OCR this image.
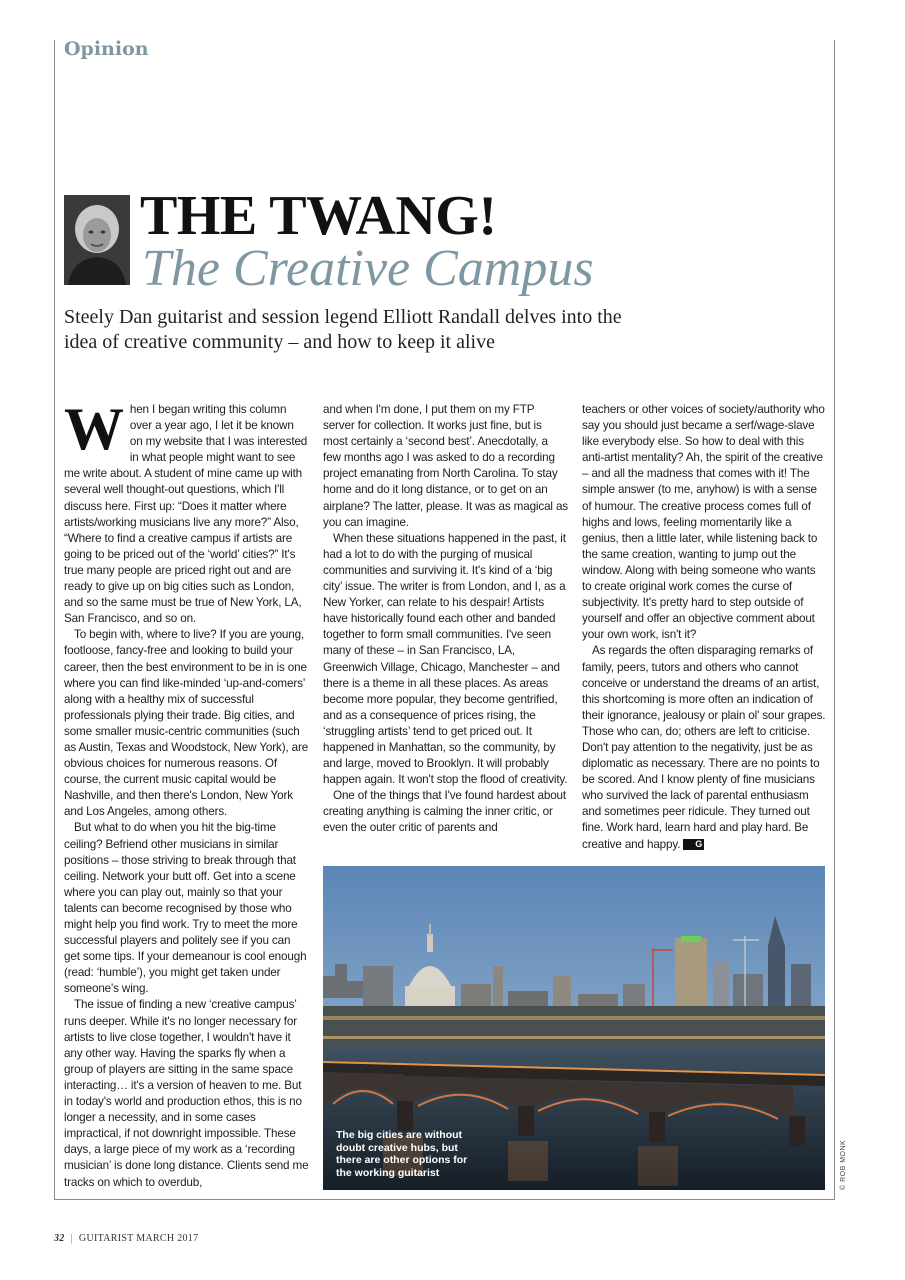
Opinion
THE TWANG!
The Creative Campus
Steely Dan guitarist and session legend Elliott Randall delves into the idea of creative community – and how to keep it alive

When I began writing this column over a year ago, I let it be known on my website that I was interested in what people might want to see me write about. A student of mine came up with several well thought-out questions, which I'll discuss here. First up: “Does it matter where artists/working musicians live any more?” Also, “Where to find a creative campus if artists are going to be priced out of the ‘world’ cities?” It's true many people are priced right out and are ready to give up on big cities such as London, and so the same must be true of New York, LA, San Francisco, and so on.

To begin with, where to live? If you are young, footloose, fancy-free and looking to build your career, then the best environment to be in is one where you can find like-minded ‘up-and-comers’ along with a healthy mix of successful professionals plying their trade. Big cities, and some smaller music-centric communities (such as Austin, Texas and Woodstock, New York), are obvious choices for numerous reasons. Of course, the current music capital would be Nashville, and then there's London, New York and Los Angeles, among others.

But what to do when you hit the big-time ceiling? Befriend other musicians in similar positions – those striving to break through that ceiling. Network your butt off. Get into a scene where you can play out, mainly so that your talents can become recognised by those who might help you find work. Try to meet the more successful players and politely see if you can get some tips. If your demeanour is cool enough (read: ‘humble’), you might get taken under someone's wing.

The issue of finding a new ‘creative campus’ runs deeper. While it's no longer necessary for artists to live close together, I wouldn't have it any other way. Having the sparks fly when a group of players are sitting in the same space interacting… it's a version of heaven to me. But in today's world and production ethos, this is no longer a necessity, and in some cases impractical, if not downright impossible. These days, a large piece of my work as a ‘recording musician’ is done long distance. Clients send me tracks on which to overdub,

and when I'm done, I put them on my FTP server for collection. It works just fine, but is most certainly a ‘second best’. Anecdotally, a few months ago I was asked to do a recording project emanating from North Carolina. To stay home and do it long distance, or to get on an airplane? The latter, please. It was as magical as you can imagine.

When these situations happened in the past, it had a lot to do with the purging of musical communities and surviving it. It's kind of a ‘big city’ issue. The writer is from London, and I, as a New Yorker, can relate to his despair! Artists have historically found each other and banded together to form small communities. I've seen many of these – in San Francisco, LA, Greenwich Village, Chicago, Manchester – and there is a theme in all these places. As areas become more popular, they become gentrified, and as a consequence of prices rising, the ‘struggling artists’ tend to get priced out. It happened in Manhattan, so the community, by and large, moved to Brooklyn. It will probably happen again. It won't stop the flood of creativity.

One of the things that I've found hardest about creating anything is calming the inner critic, or even the outer critic of parents and

teachers or other voices of society/authority who say you should just became a serf/wage-slave like everybody else. So how to deal with this anti-artist mentality? Ah, the spirit of the creative – and all the madness that comes with it! The simple answer (to me, anyhow) is with a sense of humour. The creative process comes full of highs and lows, feeling momentarily like a genius, then a little later, while listening back to the same creation, wanting to jump out the window. Along with being someone who wants to create original work comes the curse of subjectivity. It's pretty hard to step outside of yourself and offer an objective comment about your own work, isn't it?

As regards the often disparaging remarks of family, peers, tutors and others who cannot conceive or understand the dreams of an artist, this shortcoming is more often an indication of their ignorance, jealousy or plain ol' sour grapes. Those who can, do; others are left to criticise. Don't pay attention to the negativity, just be as diplomatic as necessary. There are no points to be scored. And I know plenty of fine musicians who survived the lack of parental enthusiasm and sometimes peer ridicule. They turned out fine. Work hard, learn hard and play hard. Be creative and happy. G

The big cities are without doubt creative hubs, but there are other options for the working guitarist	© ROB MONK
32 | GUITARIST MARCH 2017
